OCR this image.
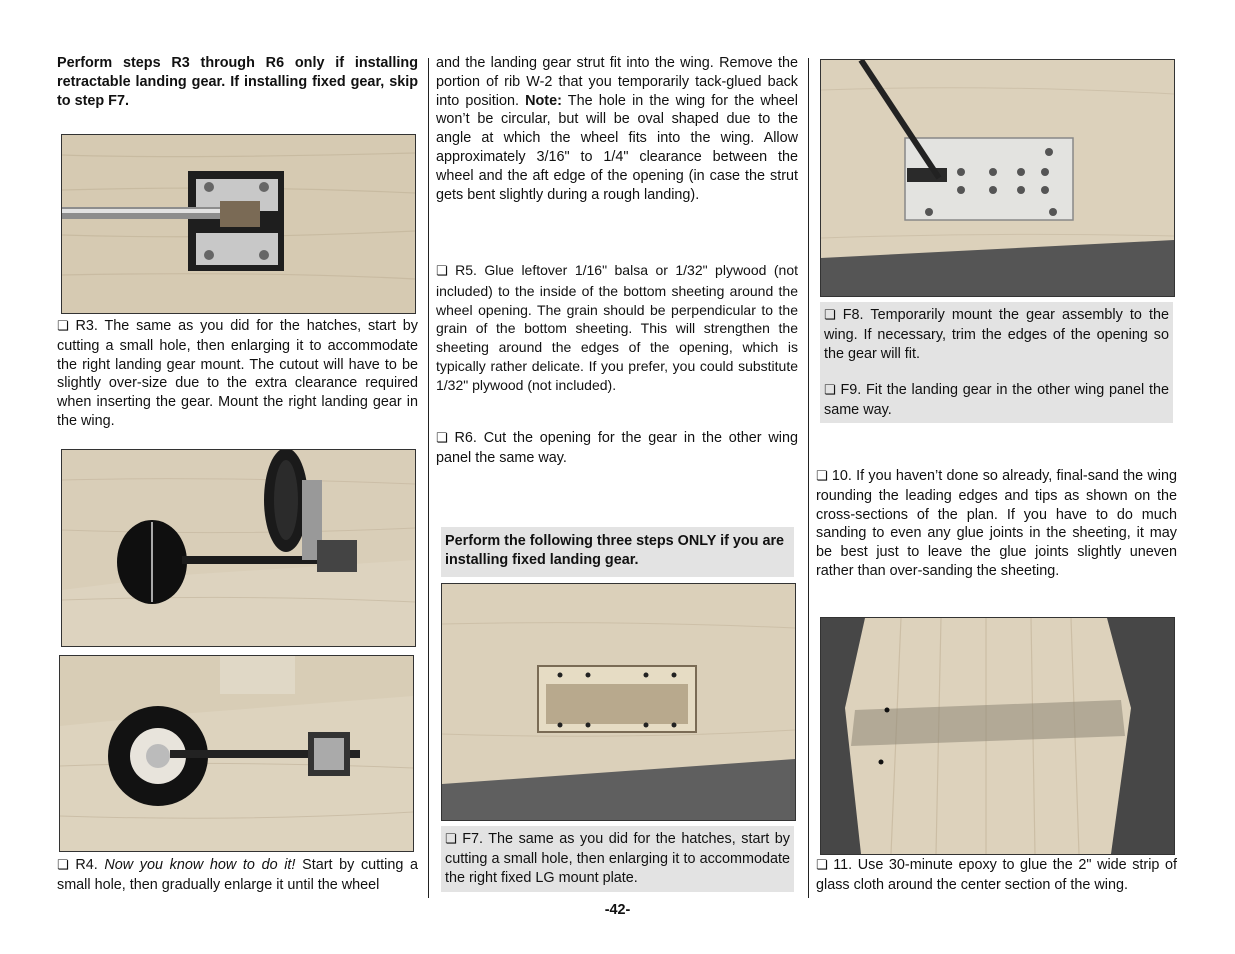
Perform steps R3 through R6 only if installing retractable landing gear. If installing fixed gear, skip to step F7.
❏ R3. The same as you did for the hatches, start by cutting a small hole, then enlarging it to accommodate the right landing gear mount. The cutout will have to be slightly over-size due to the extra clearance required when inserting the gear. Mount the right landing gear in the wing.
❏ R4. Now you know how to do it! Start by cutting a small hole, then gradually enlarge it until the wheel
and the landing gear strut fit into the wing. Remove the portion of rib W-2 that you temporarily tack-glued back into position. Note: The hole in the wing for the wheel won’t be circular, but will be oval shaped due to the angle at which the wheel fits into the wing. Allow approximately 3/16" to 1/4" clearance between the wheel and the aft edge of the opening (in case the strut gets bent slightly during a rough landing).
❏ R5. Glue leftover 1/16" balsa or 1/32" plywood (not included) to the inside of the bottom sheeting around the wheel opening. The grain should be perpendicular to the grain of the bottom sheeting. This will strengthen the sheeting around the edges of the opening, which is typically rather delicate. If you prefer, you could substitute 1/32" plywood (not included).
❏ R6. Cut the opening for the gear in the other wing panel the same way.
Perform the following three steps ONLY if you are installing fixed landing gear.
❏ F7. The same as you did for the hatches, start by cutting a small hole, then enlarging it to accommodate the right fixed LG mount plate.
❏ F8. Temporarily mount the gear assembly to the wing. If necessary, trim the edges of the opening so the gear will fit.
❏ F9. Fit the landing gear in the other wing panel the same way.
❏ 10. If you haven’t done so already, final-sand the wing rounding the leading edges and tips as shown on the cross-sections of the plan. If you have to do much sanding to even any glue joints in the sheeting, it may be best just to leave the glue joints slightly uneven rather than over-sanding the sheeting.
❏ 11. Use 30-minute epoxy to glue the 2" wide strip of glass cloth around the center section of the wing.
-42-
